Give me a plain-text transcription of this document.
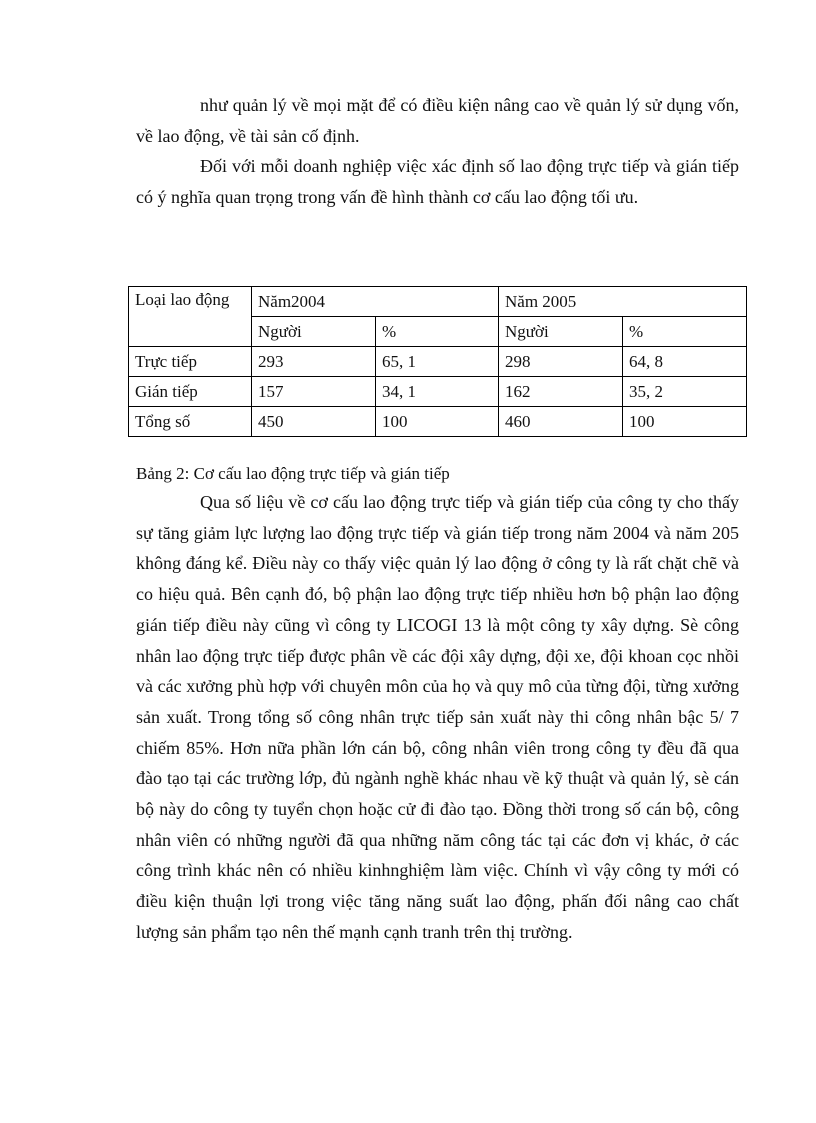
như quản lý về mọi mặt để có điều kiện nâng cao về quản lý sử dụng vốn, về lao động, về tài sản cố định.

Đối với mỗi doanh nghiệp việc xác định số lao động trực tiếp và gián tiếp có ý nghĩa quan trọng trong vấn đề hình thành cơ cấu lao động tối ưu.

Loại lao động	Năm2004		Năm 2005	
	Người	%	Người	%
Trực tiếp	293	65, 1	298	64, 8
Gián tiếp	157	34, 1	162	35, 2
Tổng số	450	100	460	100

Bảng 2: Cơ cấu lao động trực tiếp và gián tiếp

Qua số liệu về cơ cấu lao động trực tiếp và gián tiếp của công ty cho thấy sự tăng giảm lực lượng lao động trực tiếp và gián tiếp trong năm 2004 và năm 205 không đáng kể. Điều này co thấy việc quản lý lao động ở công ty là rất chặt chẽ và co hiệu quả. Bên cạnh đó, bộ phận lao động trực tiếp nhiều hơn bộ phận lao động gián tiếp điều này cũng vì công ty LICOGI 13 là một công ty xây dựng. Sè công nhân lao động trực tiếp được phân về các đội xây dựng, đội xe, đội khoan cọc nhồi và các xưởng phù hợp với chuyên môn của họ và quy mô của từng đội, từng xưởng sản xuất. Trong tổng số công nhân trực tiếp sản xuất này thi công nhân bậc 5/ 7 chiếm 85%. Hơn nữa phần lớn cán bộ, công nhân viên trong công ty đều đã qua đào tạo tại các trường lớp, đủ ngành nghề khác nhau về kỹ thuật và quản lý, sè cán bộ này do công ty tuyển chọn hoặc cử đi đào tạo. Đồng thời trong số cán bộ, công nhân viên có những người đã qua những năm công tác tại các đơn vị khác, ở các công trình khác nên có nhiều kinhnghiệm làm việc. Chính vì vậy công ty mới có điều kiện thuận lợi trong việc tăng năng suất lao động, phấn đối nâng cao chất lượng sản phẩm tạo nên thế mạnh cạnh tranh trên thị trường.
